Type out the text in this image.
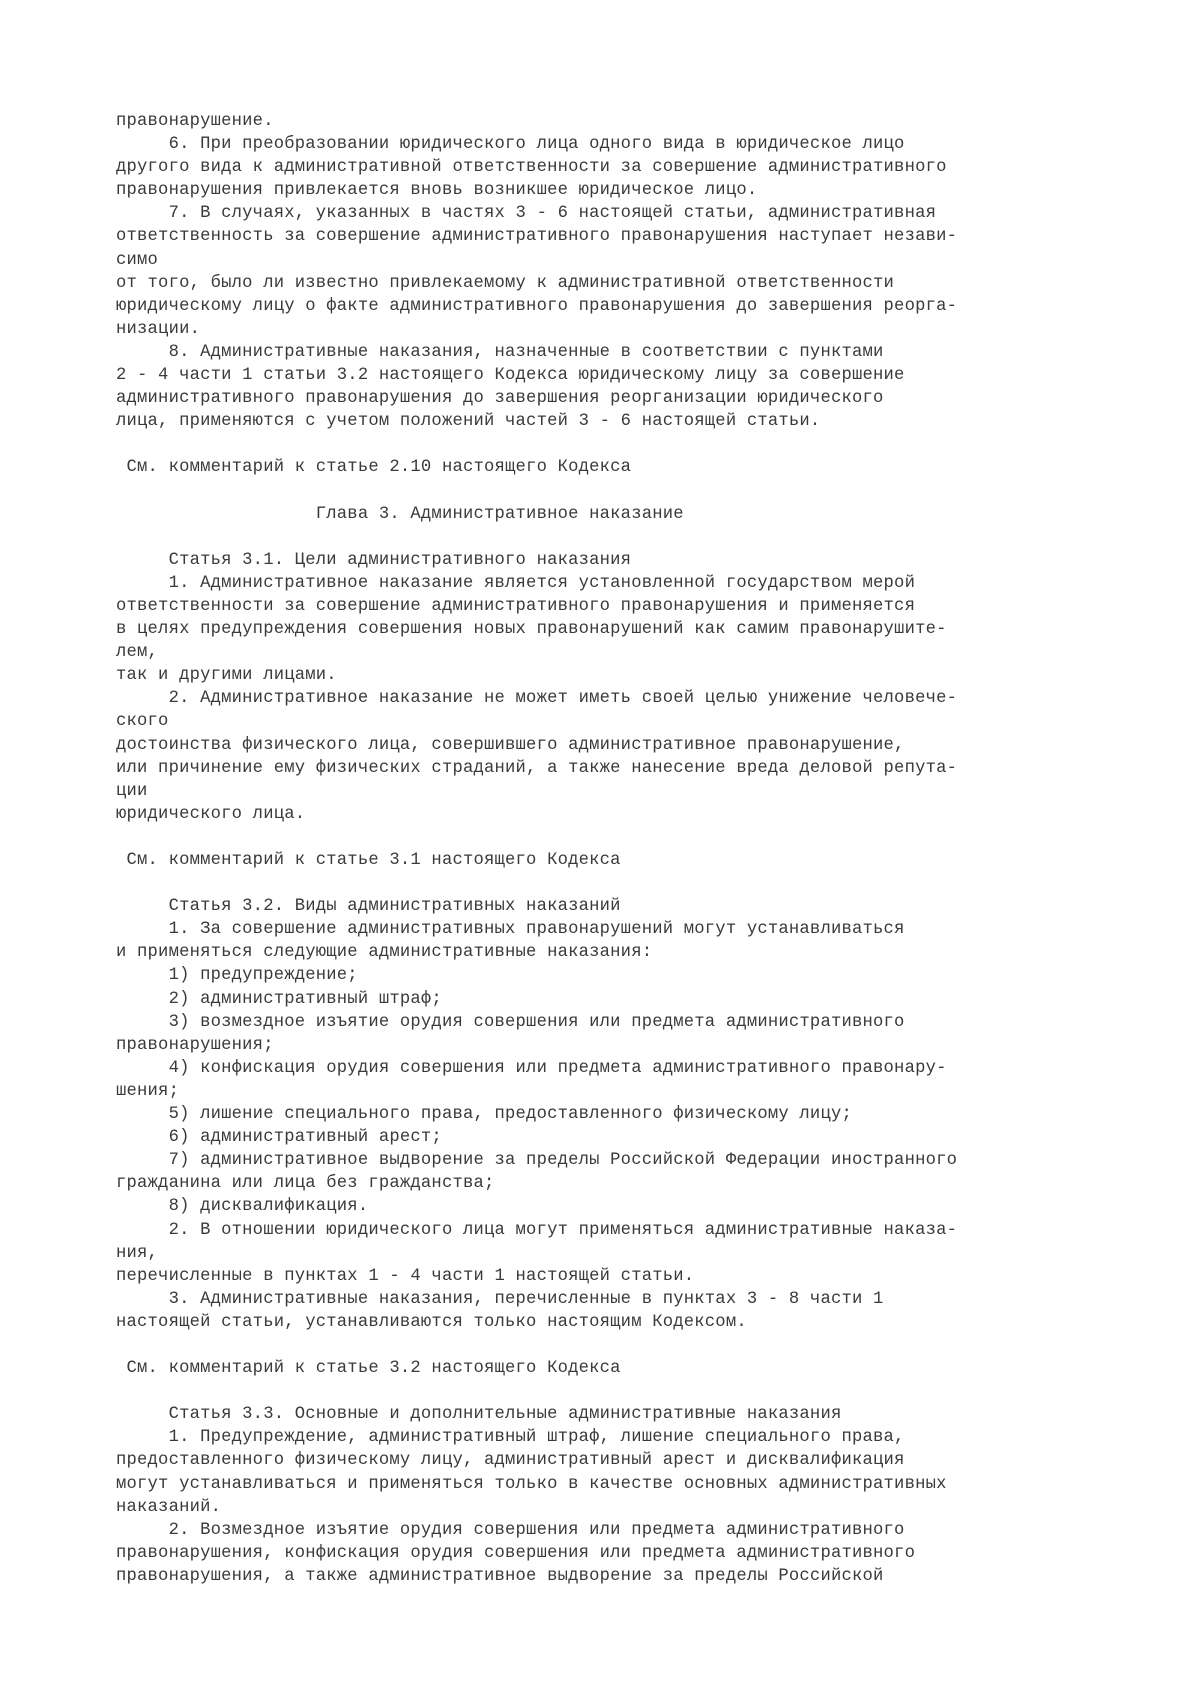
правонарушение.
6. При преобразовании юридического лица одного вида в юридическое лицо
другого вида к административной ответственности за совершение административного
правонарушения привлекается вновь возникшее юридическое лицо.
7. В случаях, указанных в частях 3 - 6 настоящей статьи, административная
ответственность за совершение административного правонарушения наступает незави-
симо
от того, было ли известно привлекаемому к административной ответственности
юридическому лицу о факте административного правонарушения до завершения реорга-
низации.
8. Административные наказания, назначенные в соответствии с пунктами
2 - 4 части 1 статьи 3.2 настоящего Кодекса юридическому лицу за совершение
административного правонарушения до завершения реорганизации юридического
лица, применяются с учетом положений частей 3 - 6 настоящей статьи.
См. комментарий к статье 2.10 настоящего Кодекса
Глава 3. Административное наказание
Статья 3.1. Цели административного наказания
1. Административное наказание является установленной государством мерой
ответственности за совершение административного правонарушения и применяется
в целях предупреждения совершения новых правонарушений как самим правонарушите-
лем,
так и другими лицами.
2. Административное наказание не может иметь своей целью унижение человече-
ского
достоинства физического лица, совершившего административное правонарушение,
или причинение ему физических страданий, а также нанесение вреда деловой репута-
ции
юридического лица.
См. комментарий к статье 3.1 настоящего Кодекса
Статья 3.2. Виды административных наказаний
1. За совершение административных правонарушений могут устанавливаться
и применяться следующие административные наказания:
1) предупреждение;
2) административный штраф;
3) возмездное изъятие орудия совершения или предмета административного
правонарушения;
4) конфискация орудия совершения или предмета административного правонару-
шения;
5) лишение специального права, предоставленного физическому лицу;
6) административный арест;
7) административное выдворение за пределы Российской Федерации иностранного
гражданина или лица без гражданства;
8) дисквалификация.
2. В отношении юридического лица могут применяться административные наказа-
ния,
перечисленные в пунктах 1 - 4 части 1 настоящей статьи.
3. Административные наказания, перечисленные в пунктах 3 - 8 части 1
настоящей статьи, устанавливаются только настоящим Кодексом.
См. комментарий к статье 3.2 настоящего Кодекса
Статья 3.3. Основные и дополнительные административные наказания
1. Предупреждение, административный штраф, лишение специального права,
предоставленного физическому лицу, административный арест и дисквалификация
могут устанавливаться и применяться только в качестве основных административных
наказаний.
2. Возмездное изъятие орудия совершения или предмета административного
правонарушения, конфискация орудия совершения или предмета административного
правонарушения, а также административное выдворение за пределы Российской
